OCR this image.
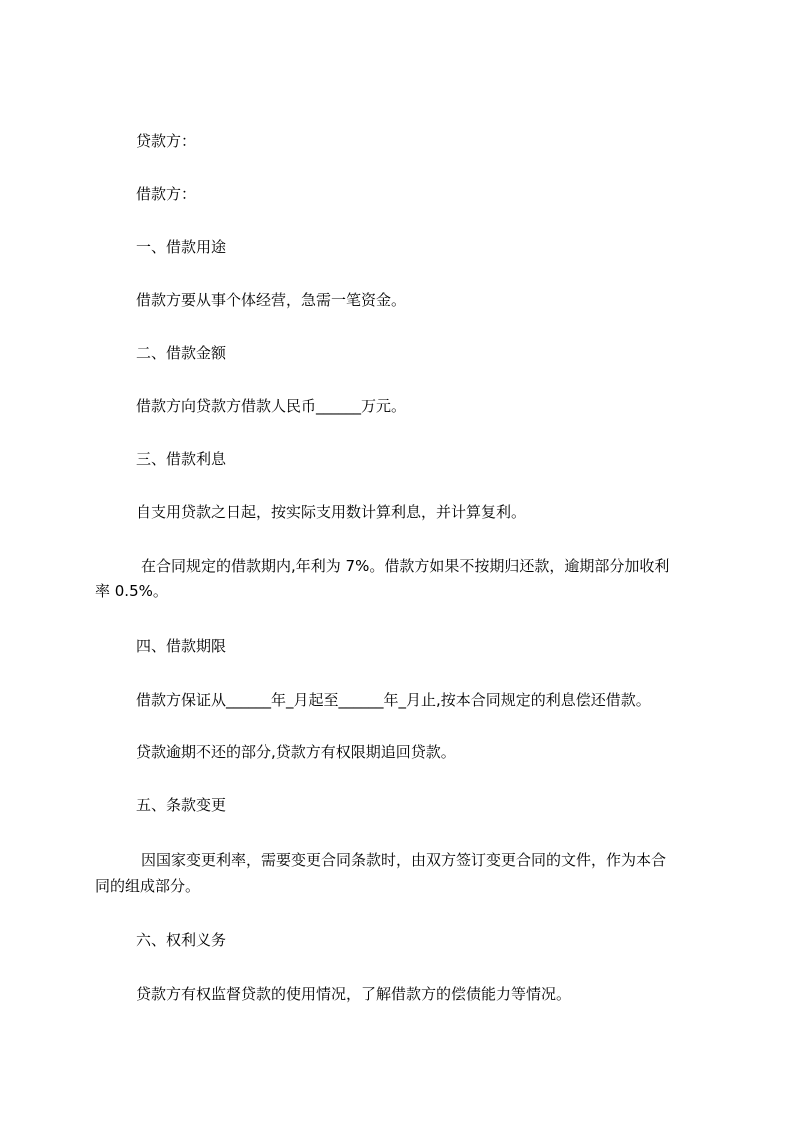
贷款方：
借款方：
一、借款用途
借款方要从事个体经营，急需一笔资金。
二、借款金额
借款方向贷款方借款人民币______万元。
三、借款利息
自支用贷款之日起，按实际支用数计算利息，并计算复利。
在合同规定的借款期内,年利为 7%。借款方如果不按期归还款，逾期部分加收利
率 0.5%。
四、借款期限
借款方保证从______年_月起至______年_月止,按本合同规定的利息偿还借款。
贷款逾期不还的部分,贷款方有权限期追回贷款。
五、条款变更
因国家变更利率，需要变更合同条款时，由双方签订变更合同的文件，作为本合
同的组成部分。
六、权利义务
贷款方有权监督贷款的使用情况，了解借款方的偿债能力等情况。
